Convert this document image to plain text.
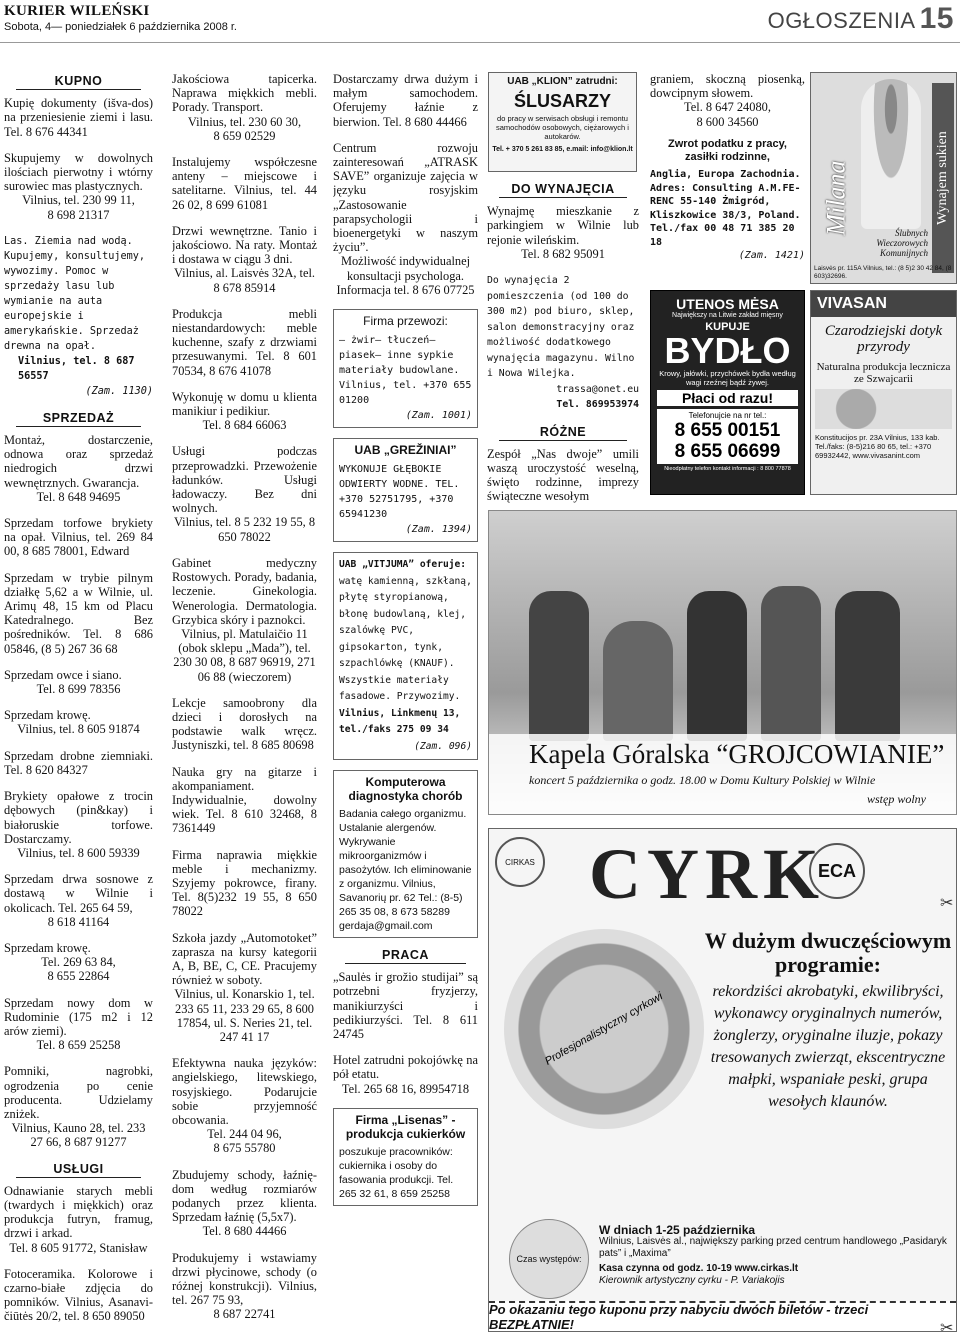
KURIER WILEŃSKI
Sobota, 4— poniedziałek 6 października 2008 r.	OGŁOSZENIA 15
KUPNO
Kupię dokumenty (išva-dos) na przeniesienie ziemi i lasu. Tel. 8 676 44341
Skupujemy w dowolnych ilościach pierwotny i wtórny surowiec mas plastycznych.
Vilnius, tel. 230 99 11,
8 698 21317
Las. Ziemia nad wodą. Kupujemy, konsultujemy, wywozimy. Pomoc w sprzedaży lasu lub wymianie na auta europejskie i amerykańskie. Sprzedaż drewna na opał.
Vilnius, tel. 8 687 56557
(Zam. 1130)
SPRZEDAŻ
Montaż, dostarczenie, odnowa oraz sprzedaż niedrogich drzwi wewnętrznych. Gwarancja.
Tel. 8 648 94695
Sprzedam torfowe brykiety na opał. Vilnius, tel. 269 84 00, 8 685 78001, Edward
Sprzedam w trybie pilnym działkę 5,62 a w Wilnie, ul. Arimų 48, 15 km od Placu Katedralnego. Bez pośredników. Tel. 8 686 05846, (8 5) 267 36 68
Sprzedam owce i siano.
Tel. 8 699 78356
Sprzedam krowę.
Vilnius, tel. 8 605 91874
Sprzedam drobne ziemniaki. Tel. 8 620 84327
Brykiety opałowe z trocin dębowych (pin&kay) i białoruskie torfowe. Dostarczamy.
Vilnius, tel. 8 600 59339
Sprzedam drwa sosnowe z dostawą w Wilnie i okolicach. Tel. 265 64 59,
8 618 41164
Sprzedam krowę.
Tel. 269 63 84,
8 655 22864
Sprzedam nowy dom w Rudominie (175 m2 i 12 arów ziemi).
Tel. 8 659 25258
Pomniki, nagrobki, ogrodzenia po cenie producenta. Udzielamy zniżek.
Vilnius, Kauno 28, tel. 233 27 66, 8 687 91277
USŁUGI
Odnawianie starych mebli (twardych i miękkich) oraz produkcja futryn, framug, drzwi i arkad.
Tel. 8 605 91772, Stanisław
Fotoceramika. Kolorowe i czarno-białe zdjęcia do pomników. Vilnius, Asanavičiūtės 20/2, tel. 8 650 89050
Jakościowa tapicerka. Naprawa miękkich mebli. Porady. Transport.
Vilnius, tel. 230 60 30,
8 659 02529
Instalujemy współczesne anteny – miejscowe i satelitarne. Vilnius, tel. 44 26 02, 8 699 61081
Drzwi wewnętrzne. Tanio i jakościowo. Na raty. Montaż i dostawa w ciągu 3 dni.
Vilnius, al. Laisvės 32A, tel. 8 678 85914
Produkcja mebli niestandardowych: meble kuchenne, szafy z drzwiami przesuwanymi. Tel. 8 601 70534, 8 676 41078
Wykonuję w domu u klienta manikiur i pedikiur.
Tel. 8 684 66063
Usługi podczas przeprowadzki. Przewożenie ładunków. Usługi ładowaczy. Bez dni wolnych.
Vilnius, tel. 8 5 232 19 55, 8 650 78022
Gabinet medyczny Rostowych. Porady, badania, leczenie. Ginekologia. Wenerologia. Dermatologia. Grzybica skóry i paznokci.
Vilnius, pl. Matulaičio 11 (obok sklepu „Mada”), tel. 230 30 08, 8 687 96919, 271 06 88 (wieczorem)
Lekcje samoobrony dla dzieci i dorosłych na podstawie walk wręcz. Justyniszki, tel. 8 685 80698
Nauka gry na gitarze i akompaniament. Indywidualnie, dowolny wiek. Tel. 8 610 32468, 8 7361449
Firma naprawia miękkie meble i mechanizmy. Szyjemy pokrowce, firany. Tel. 8(5)232 19 55, 8 650 78022
Szkoła jazdy „Automotoket” zaprasza na kursy kategorii A, B, BE, C, CE. Pracujemy również w soboty.
Vilnius, ul. Konarskio 1, tel. 233 65 11, 233 29 65, 8 600 17854, ul. S. Neries 21, tel. 247 41 17
Efektywna nauka języków: angielskiego, litewskiego, rosyjskiego. Podarujcie sobie przyjemność obcowania.
Tel. 244 04 96,
8 675 55780
Zbudujemy schody, łaźnię-dom według rozmiarów podanych przez klienta. Sprzedam łaźnię (5,5x7).
Tel. 8 680 44466
Produkujemy i wstawiamy drzwi płycinowe, schody (o różnej konstrukcji). Vilnius, tel. 267 75 93,
8 687 22741
Dostarczamy drwa dużym i małym samochodem. Oferujemy łaźnie z bierwion. Tel. 8 680 44466
Centrum rozwoju zainteresowań „ATRASK SAVE” organizuje zajęcia w języku rosyjskim „Zastosowanie parapsychologii i bioenergetyki w naszym życiu”.
Możliwość indywidualnej konsultacji psychologa.
Informacja tel. 8 676 07725
Firma przewozi:
— żwir— tłuczeń— piasek— inne sypkie materiały budowlane.
Vilnius, tel. +370 655 01200
(Zam. 1001)
UAB „GREŽINIAI”
WYKONUJE GŁĘBOKIE ODWIERTY WODNE. TEL. +370 52751795, +370 65941230
(Zam. 1394)
UAB „VITJUMA” oferuje: watę kamienną, szkłaną, płytę styropianową, błonę budowlaną, klej, szalówkę PVC, gipsokarton, tynk, szpachlówkę (KNAUF). Wszystkie materiały fasadowe. Przywozimy. Vilnius, Linkmenų 13, tel./faks 275 09 34
(Zam. 096)
Komputerowa diagnostyka chorób
Badania całego organizmu. Ustalanie alergenów. Wykrywanie mikroorganizmów i pasożytów. Ich eliminowanie z organizmu. Vilnius, Savanorių pr. 62 Tel.: (8-5) 265 35 08, 8 673 58289 gerdaja@gmail.com
PRACA
„Saulės ir grožio studijai” są potrzebni fryzjerzy, manikiurzyści i pedikiurzyści. Tel. 8 611 24745
Hotel zatrudni pokojówkę na pół etatu.
Tel. 265 68 16, 89954718
Firma „Lisenas” - produkcja cukierków
poszukuje pracowników: cukiernika i osoby do fasowania produkcji. Tel. 265 32 61, 8 659 25258
DO WYNAJĘCIA
Wynajmę mieszkanie z parkingiem w Wilnie lub rejonie wileńskim.
Tel. 8 682 95091
Do wynajęcia 2 pomieszczenia (od 100 do 300 m2) pod biuro, sklep, salon demonstracyjny oraz możliwość dodatkowego wynajęcia magazynu. Wilno i Nowa Wilejka.
trassa@onet.eu
Tel. 869953974
RÓŻNE
Zespół „Nas dwoje” umili waszą uroczystość weselną, święto rodzinne, imprezy świąteczne wesołym
UAB „KLION” zatrudni:
ŚLUSARZY
do pracy w serwisach obsługi i remontu samochodów osobowych, ciężarowych i autokarów.
Tel. + 370 5 261 83 85, e.mail: info@klion.lt
graniem, skoczną piosenką, dowcipnym słowem.
Tel. 8 647 24080,
8 600 34560
Zwrot podatku z pracy, zasiłki rodzinne,
Anglia, Europa Zachodnia. Adres: Consulting A.M.FE-RENC 55-140 Żmigród, Kliszkowice 38/3, Poland. Tel./fax 00 48 71 385 20 18
(Zam. 1421)
Milana	Wynajem sukien
Ślubnych Wieczorowych Komunijnych
Laisvės pr. 115A Vilnius, tel.: (8 5)2 30 42 84, (8 603)32696.
UTENOS MĖSA
Największy na Litwie zakład mięsny
KUPUJE
BYDŁO
Krowy, jałówki, przychówek bydła według wagi rzeźnej bądź żywej.
Płaci od razu!
Telefonujcie na nr tel.:
8 655 00151
8 655 06699
Nieodpłatny telefon kontakt informacji : 8 800 77878
VIVASAN
Czarodziejski dotyk przyrody
Naturalna produkcja lecznicza ze Szwajcarii
Konstitucijos pr. 23A Vilnius, 133 kab. Tel./faks: (8-5)216 80 65, tel.: +370 69932442, www.vivasanint.com
Kapela Góralska “GROJCOWIANIE”
koncert 5 października o godz. 18.00 w Domu Kultury Polskiej w Wilnie
wstęp wolny
CIRKAS CYRK
ECA
Profesjonalistyczny cyrkowi
W dużym dwuczęściowym programie:
rekordziści akrobatyki, ekwilibryści, wykonawcy oryginalnych numerów, żonglerzy, oryginalne iluzje, pokazy tresowanych zwierząt, ekscentryczne małpki, wspaniałe peski, grupa wesołych klaunów.
Czas występów:
W dniach 1-25 października
Wilnius, Laisvės al., największy parking przed centrum handlowego „Pasidaryk pats” i „Maxima”
Kasa czynna od godz. 10-19 www.cirkas.lt
Kierownik artystyczny cyrku - P. Variakojis
Po okazaniu tego kuponu przy nabyciu dwóch biletów - trzeci BEZPŁATNIE!
✂
✂
